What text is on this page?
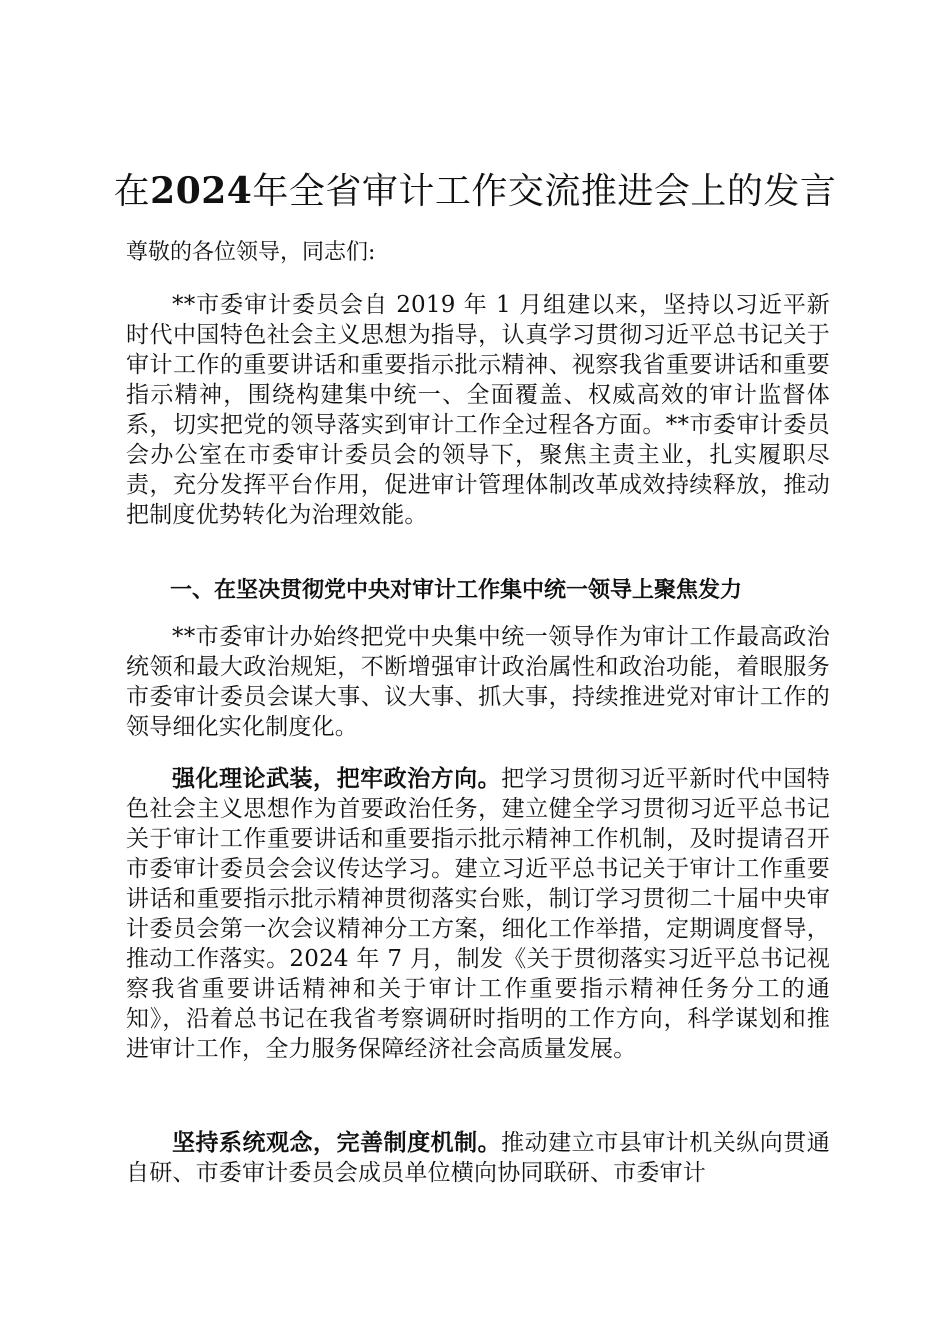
在2024年全省审计工作交流推进会上的发言

尊敬的各位领导，同志们:

**市委审计委员会自 2019 年 1 月组建以来，坚持以习近平新时代中国特色社会主义思想为指导，认真学习贯彻习近平总书记关于审计工作的重要讲话和重要指示批示精神、视察我省重要讲话和重要指示精神，围绕构建集中统一、全面覆盖、权威高效的审计监督体系，切实把党的领导落实到审计工作全过程各方面。**市委审计委员会办公室在市委审计委员会的领导下，聚焦主责主业，扎实履职尽责，充分发挥平台作用，促进审计管理体制改革成效持续释放，推动把制度优势转化为治理效能。

一、在坚决贯彻党中央对审计工作集中统一领导上聚焦发力

**市委审计办始终把党中央集中统一领导作为审计工作最高政治统领和最大政治规矩，不断增强审计政治属性和政治功能，着眼服务市委审计委员会谋大事、议大事、抓大事，持续推进党对审计工作的领导细化实化制度化。

强化理论武装，把牢政治方向。把学习贯彻习近平新时代中国特色社会主义思想作为首要政治任务，建立健全学习贯彻习近平总书记关于审计工作重要讲话和重要指示批示精神工作机制，及时提请召开市委审计委员会会议传达学习。建立习近平总书记关于审计工作重要讲话和重要指示批示精神贯彻落实台账，制订学习贯彻二十届中央审计委员会第一次会议精神分工方案，细化工作举措，定期调度督导，推动工作落实。2024 年 7 月，制发《关于贯彻落实习近平总书记视察我省重要讲话精神和关于审计工作重要指示精神任务分工的通知》，沿着总书记在我省考察调研时指明的工作方向，科学谋划和推进审计工作，全力服务保障经济社会高质量发展。

坚持系统观念，完善制度机制。推动建立市县审计机关纵向贯通自研、市委审计委员会成员单位横向协同联研、市委审计
